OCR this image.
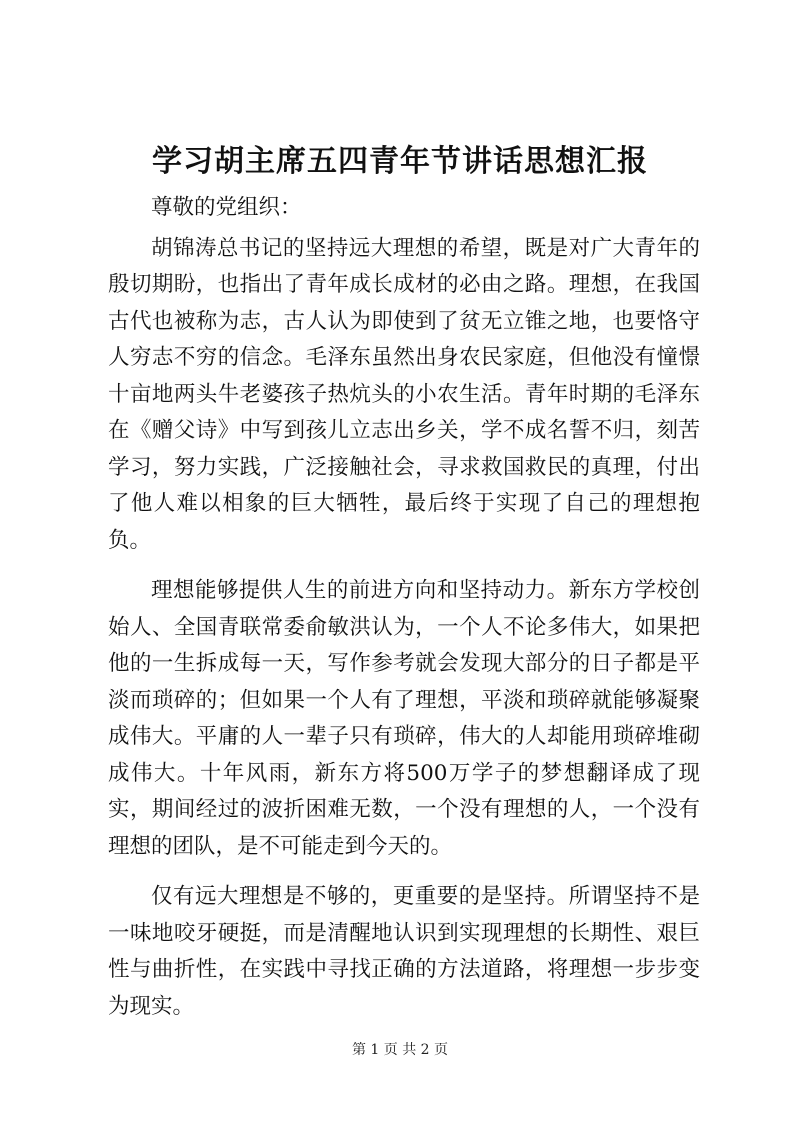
学习胡主席五四青年节讲话思想汇报

尊敬的党组织：

胡锦涛总书记的坚持远大理想的希望，既是对广大青年的殷切期盼，也指出了青年成长成材的必由之路。理想，在我国古代也被称为志，古人认为即使到了贫无立锥之地，也要恪守人穷志不穷的信念。毛泽东虽然出身农民家庭，但他没有憧憬十亩地两头牛老婆孩子热炕头的小农生活。青年时期的毛泽东在《赠父诗》中写到孩儿立志出乡关，学不成名誓不归，刻苦学习，努力实践，广泛接触社会，寻求救国救民的真理，付出了他人难以相象的巨大牺牲，最后终于实现了自己的理想抱负。

理想能够提供人生的前进方向和坚持动力。新东方学校创始人、全国青联常委俞敏洪认为，一个人不论多伟大，如果把他的一生拆成每一天，写作参考就会发现大部分的日子都是平淡而琐碎的；但如果一个人有了理想，平淡和琐碎就能够凝聚成伟大。平庸的人一辈子只有琐碎，伟大的人却能用琐碎堆砌成伟大。十年风雨，新东方将500万学子的梦想翻译成了现实，期间经过的波折困难无数，一个没有理想的人，一个没有理想的团队，是不可能走到今天的。

仅有远大理想是不够的，更重要的是坚持。所谓坚持不是一味地咬牙硬挺，而是清醒地认识到实现理想的长期性、艰巨性与曲折性，在实践中寻找正确的方法道路，将理想一步步变为现实。

第 1 页 共 2 页
